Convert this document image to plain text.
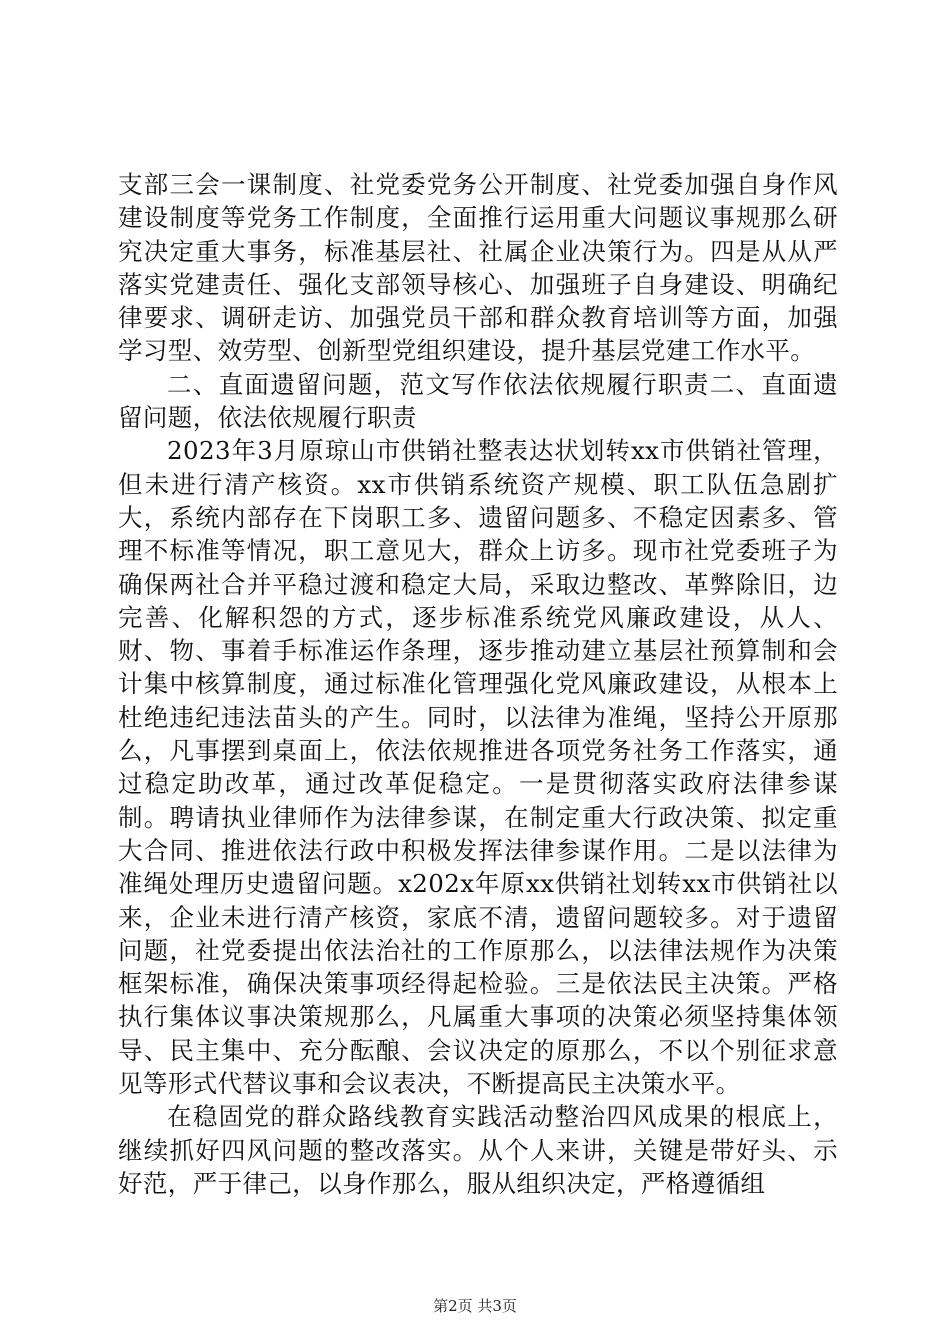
支部三会一课制度、社党委党务公开制度、社党委加强自身作风建设制度等党务工作制度，全面推行运用重大问题议事规那么研究决定重大事务，标准基层社、社属企业决策行为。四是从从严落实党建责任、强化支部领导核心、加强班子自身建设、明确纪律要求、调研走访、加强党员干部和群众教育培训等方面，加强学习型、效劳型、创新型党组织建设，提升基层党建工作水平。

二、直面遗留问题，范文写作依法依规履行职责二、直面遗留问题，依法依规履行职责

2023年3月原琼山市供销社整表达状划转xx市供销社管理，但未进行清产核资。xx市供销系统资产规模、职工队伍急剧扩大，系统内部存在下岗职工多、遗留问题多、不稳定因素多、管理不标准等情况，职工意见大，群众上访多。现市社党委班子为确保两社合并平稳过渡和稳定大局，采取边整改、革弊除旧，边完善、化解积怨的方式，逐步标准系统党风廉政建设，从人、财、物、事着手标准运作条理，逐步推动建立基层社预算制和会计集中核算制度，通过标准化管理强化党风廉政建设，从根本上杜绝违纪违法苗头的产生。同时，以法律为准绳，坚持公开原那么，凡事摆到桌面上，依法依规推进各项党务社务工作落实，通过稳定助改革，通过改革促稳定。一是贯彻落实政府法律参谋制。聘请执业律师作为法律参谋，在制定重大行政决策、拟定重大合同、推进依法行政中积极发挥法律参谋作用。二是以法律为准绳处理历史遗留问题。x202x年原xx供销社划转xx市供销社以来，企业未进行清产核资，家底不清，遗留问题较多。对于遗留问题，社党委提出依法治社的工作原那么，以法律法规作为决策框架标准，确保决策事项经得起检验。三是依法民主决策。严格执行集体议事决策规那么，凡属重大事项的决策必须坚持集体领导、民主集中、充分酝酿、会议决定的原那么，不以个别征求意见等形式代替议事和会议表决，不断提高民主决策水平。

在稳固党的群众路线教育实践活动整治四风成果的根底上，继续抓好四风问题的整改落实。从个人来讲，关键是带好头、示好范，严于律己，以身作那么，服从组织决定，严格遵循组

第2页 共3页
